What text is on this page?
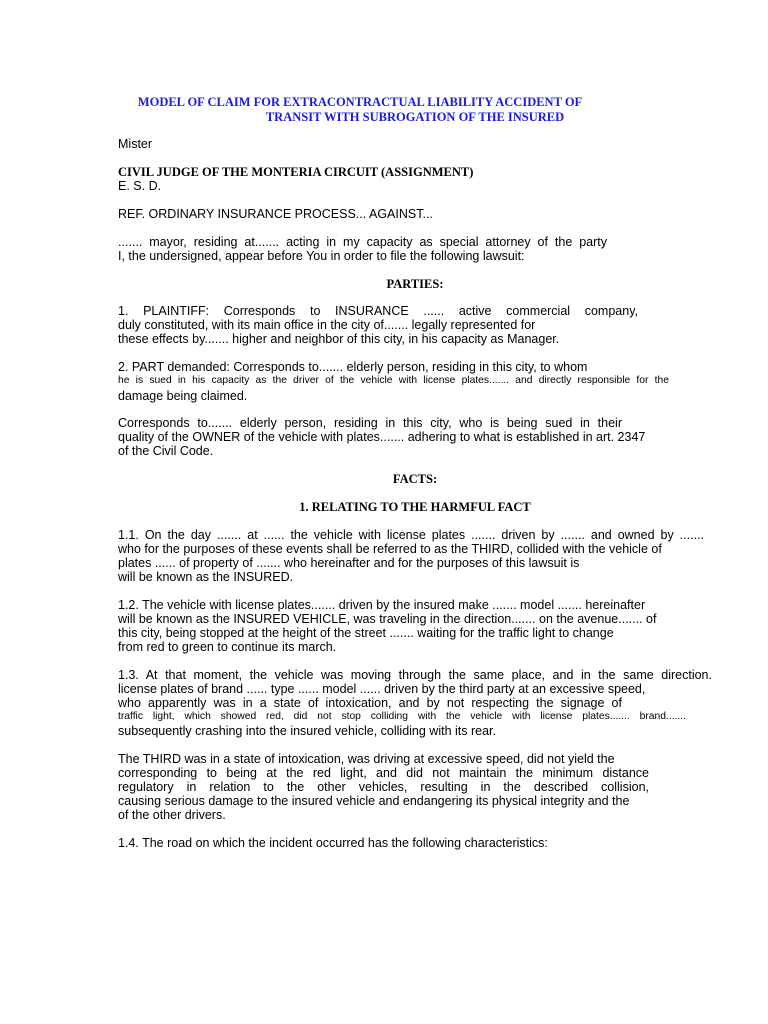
MODEL OF CLAIM FOR EXTRACONTRACTUAL LIABILITY ACCIDENT OF
TRANSIT WITH SUBROGATION OF THE INSURED

Mister

CIVIL JUDGE OF THE MONTERIA CIRCUIT (ASSIGNMENT)

E. S. D.

REF. ORDINARY INSURANCE PROCESS... AGAINST...

....... mayor, residing at....... acting in my capacity as special attorney of the party

I, the undersigned, appear before You in order to file the following lawsuit:

PARTIES:

1. PLAINTIFF: Corresponds to INSURANCE ...... active commercial company,

duly constituted, with its main office in the city of....... legally represented for

these effects by....... higher and neighbor of this city, in his capacity as Manager.

2. PART demanded: Corresponds to....... elderly person, residing in this city, to whom

he is sued in his capacity as the driver of the vehicle with license plates....... and directly responsible for the

damage being claimed.

Corresponds to....... elderly person, residing in this city, who is being sued in their

quality of the OWNER of the vehicle with plates....... adhering to what is established in art. 2347

of the Civil Code.

FACTS:

1. RELATING TO THE HARMFUL FACT

1.1. On the day ....... at ...... the vehicle with license plates ....... driven by ....... and owned by .......

who for the purposes of these events shall be referred to as the THIRD, collided with the vehicle of

plates ...... of property of ....... who hereinafter and for the purposes of this lawsuit is

will be known as the INSURED.

1.2. The vehicle with license plates....... driven by the insured make ....... model ....... hereinafter

will be known as the INSURED VEHICLE, was traveling in the direction....... on the avenue....... of

this city, being stopped at the height of the street ....... waiting for the traffic light to change

from red to green to continue its march.

1.3. At that moment, the vehicle was moving through the same place, and in the same direction.

license plates of brand ...... type ...... model ...... driven by the third party at an excessive speed,

who apparently was in a state of intoxication, and by not respecting the signage of

traffic light, which showed red, did not stop colliding with the vehicle with license plates....... brand.......

subsequently crashing into the insured vehicle, colliding with its rear.

The THIRD was in a state of intoxication, was driving at excessive speed, did not yield the

corresponding to being at the red light, and did not maintain the minimum distance

regulatory in relation to the other vehicles, resulting in the described collision,

causing serious damage to the insured vehicle and endangering its physical integrity and the

of the other drivers.

1.4. The road on which the incident occurred has the following characteristics:
